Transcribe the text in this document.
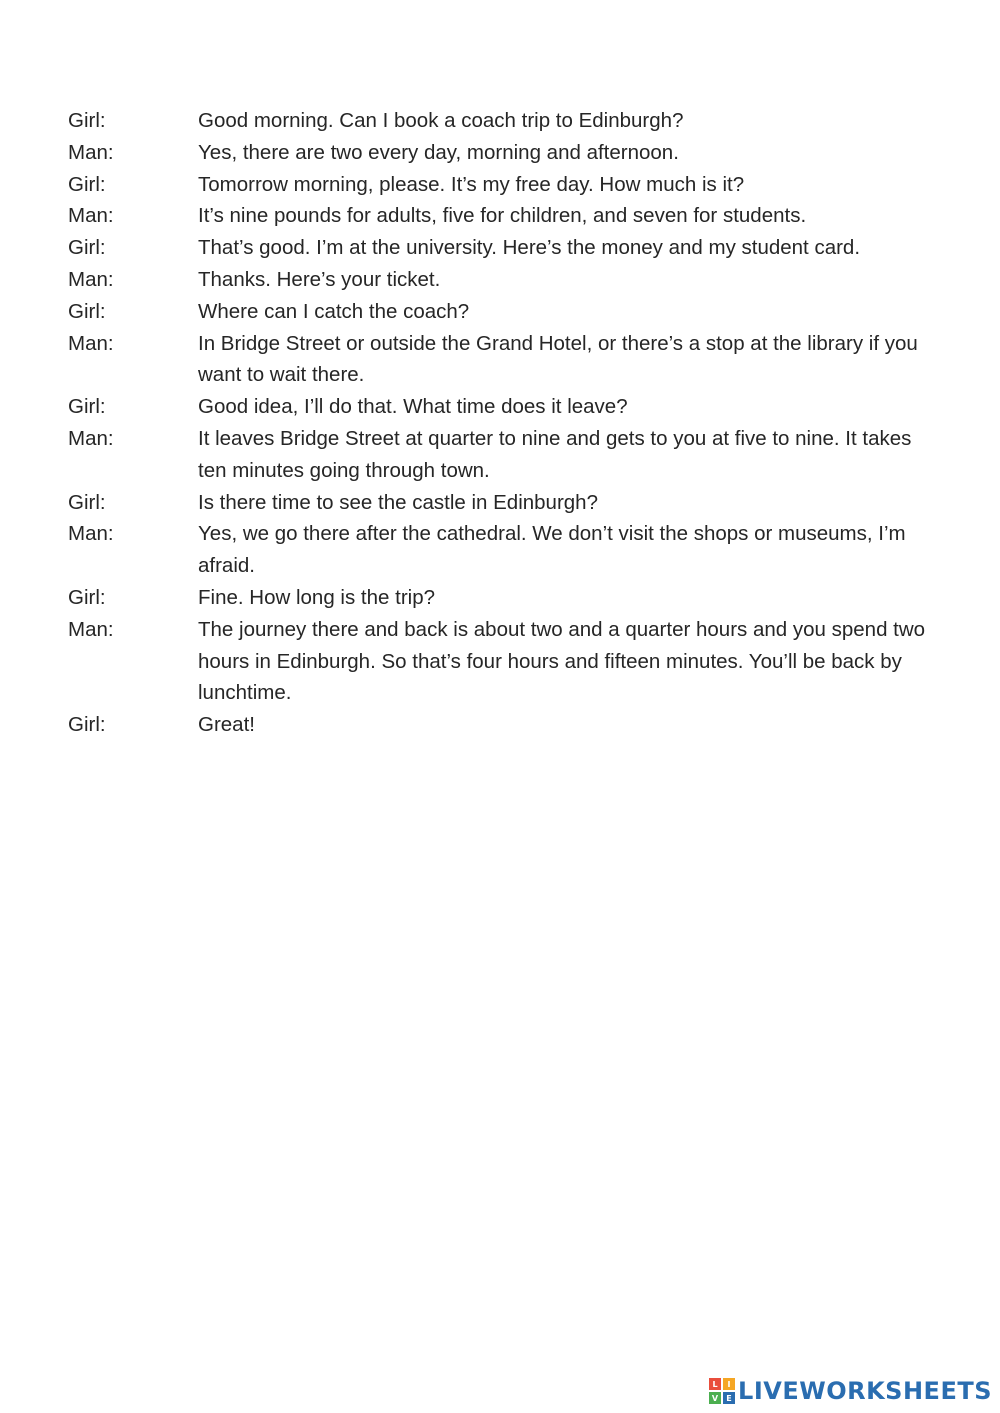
Girl:	Good morning. Can I book a coach trip to Edinburgh?
Man:	Yes, there are two every day, morning and afternoon.
Girl:	Tomorrow morning, please. It’s my free day. How much is it?
Man:	It’s nine pounds for adults, five for children, and seven for students.
Girl:	That’s good. I’m at the university. Here’s the money and my student card.
Man:	Thanks. Here’s your ticket.
Girl:	Where can I catch the coach?
Man:	In Bridge Street or outside the Grand Hotel, or there’s a stop at the library if you want to wait there.
Girl:	Good idea, I’ll do that. What time does it leave?
Man:	It leaves Bridge Street at quarter to nine and gets to you at five to nine. It takes ten minutes going through town.
Girl:	Is there time to see the castle in Edinburgh?
Man:	Yes, we go there after the cathedral. We don’t visit the shops or museums, I’m afraid.
Girl:	Fine. How long is the trip?
Man:	The journey there and back is about two and a quarter hours and you spend two hours in Edinburgh. So that’s four hours and fifteen minutes. You’ll be back by lunchtime.
Girl:	Great!
L	I
V	E LIVEWORKSHEETS
